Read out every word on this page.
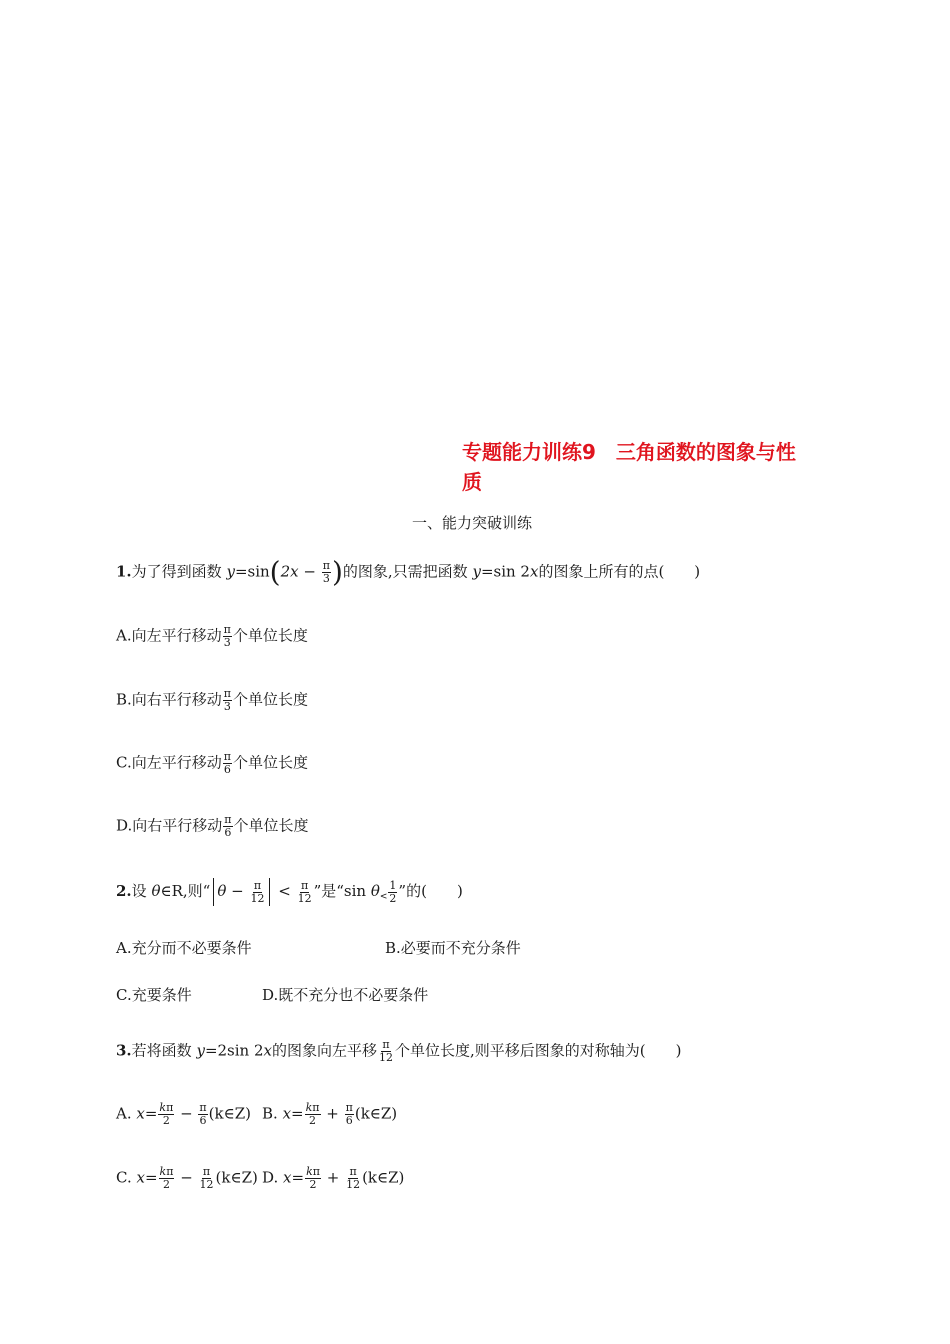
专题能力训练9　三角函数的图象与性
质
一、能力突破训练
1.为了得到函数 $y=\sin(2x - \frac{\pi}{3}$ )的图象,只需把函数 y=sin 2x的图象上所有的点(　　)
A.向左平行移动 $\frac{\pi}{3}$ 个单位长度
B.向右平行移动 $\frac{\pi}{3}$ 个单位长度
C.向左平行移动 $\frac{\pi}{6}$ 个单位长度
D.向右平行移动 $\frac{\pi}{6}$ 个单位长度
2.设 θ∈R,则“ $\theta - \frac{\pi}{12} < \frac{\pi}{12}$ ”是“sin $\theta_< \frac{1}{2}$ ”的(　　)
A.充分而不必要条件	B.必要而不充分条件
C.充要条件	D.既不充分也不必要条件
3.若将函数 y=2sin 2x的图象向左平移 $\frac{\pi}{12}$ 个单位长度,则平移后图象的对称轴为(　　)
A. $x= \frac{k\pi}{2} - \frac{\pi}{6}$ (k∈Z) B. $x= \frac{k\pi}{2} + \frac{\pi}{6}$ (k∈Z)
C. $x= \frac{k\pi}{2} - \frac{\pi}{12}$ (k∈Z) D. $x= \frac{k\pi}{2} + \frac{\pi}{12}$ (k∈Z)
